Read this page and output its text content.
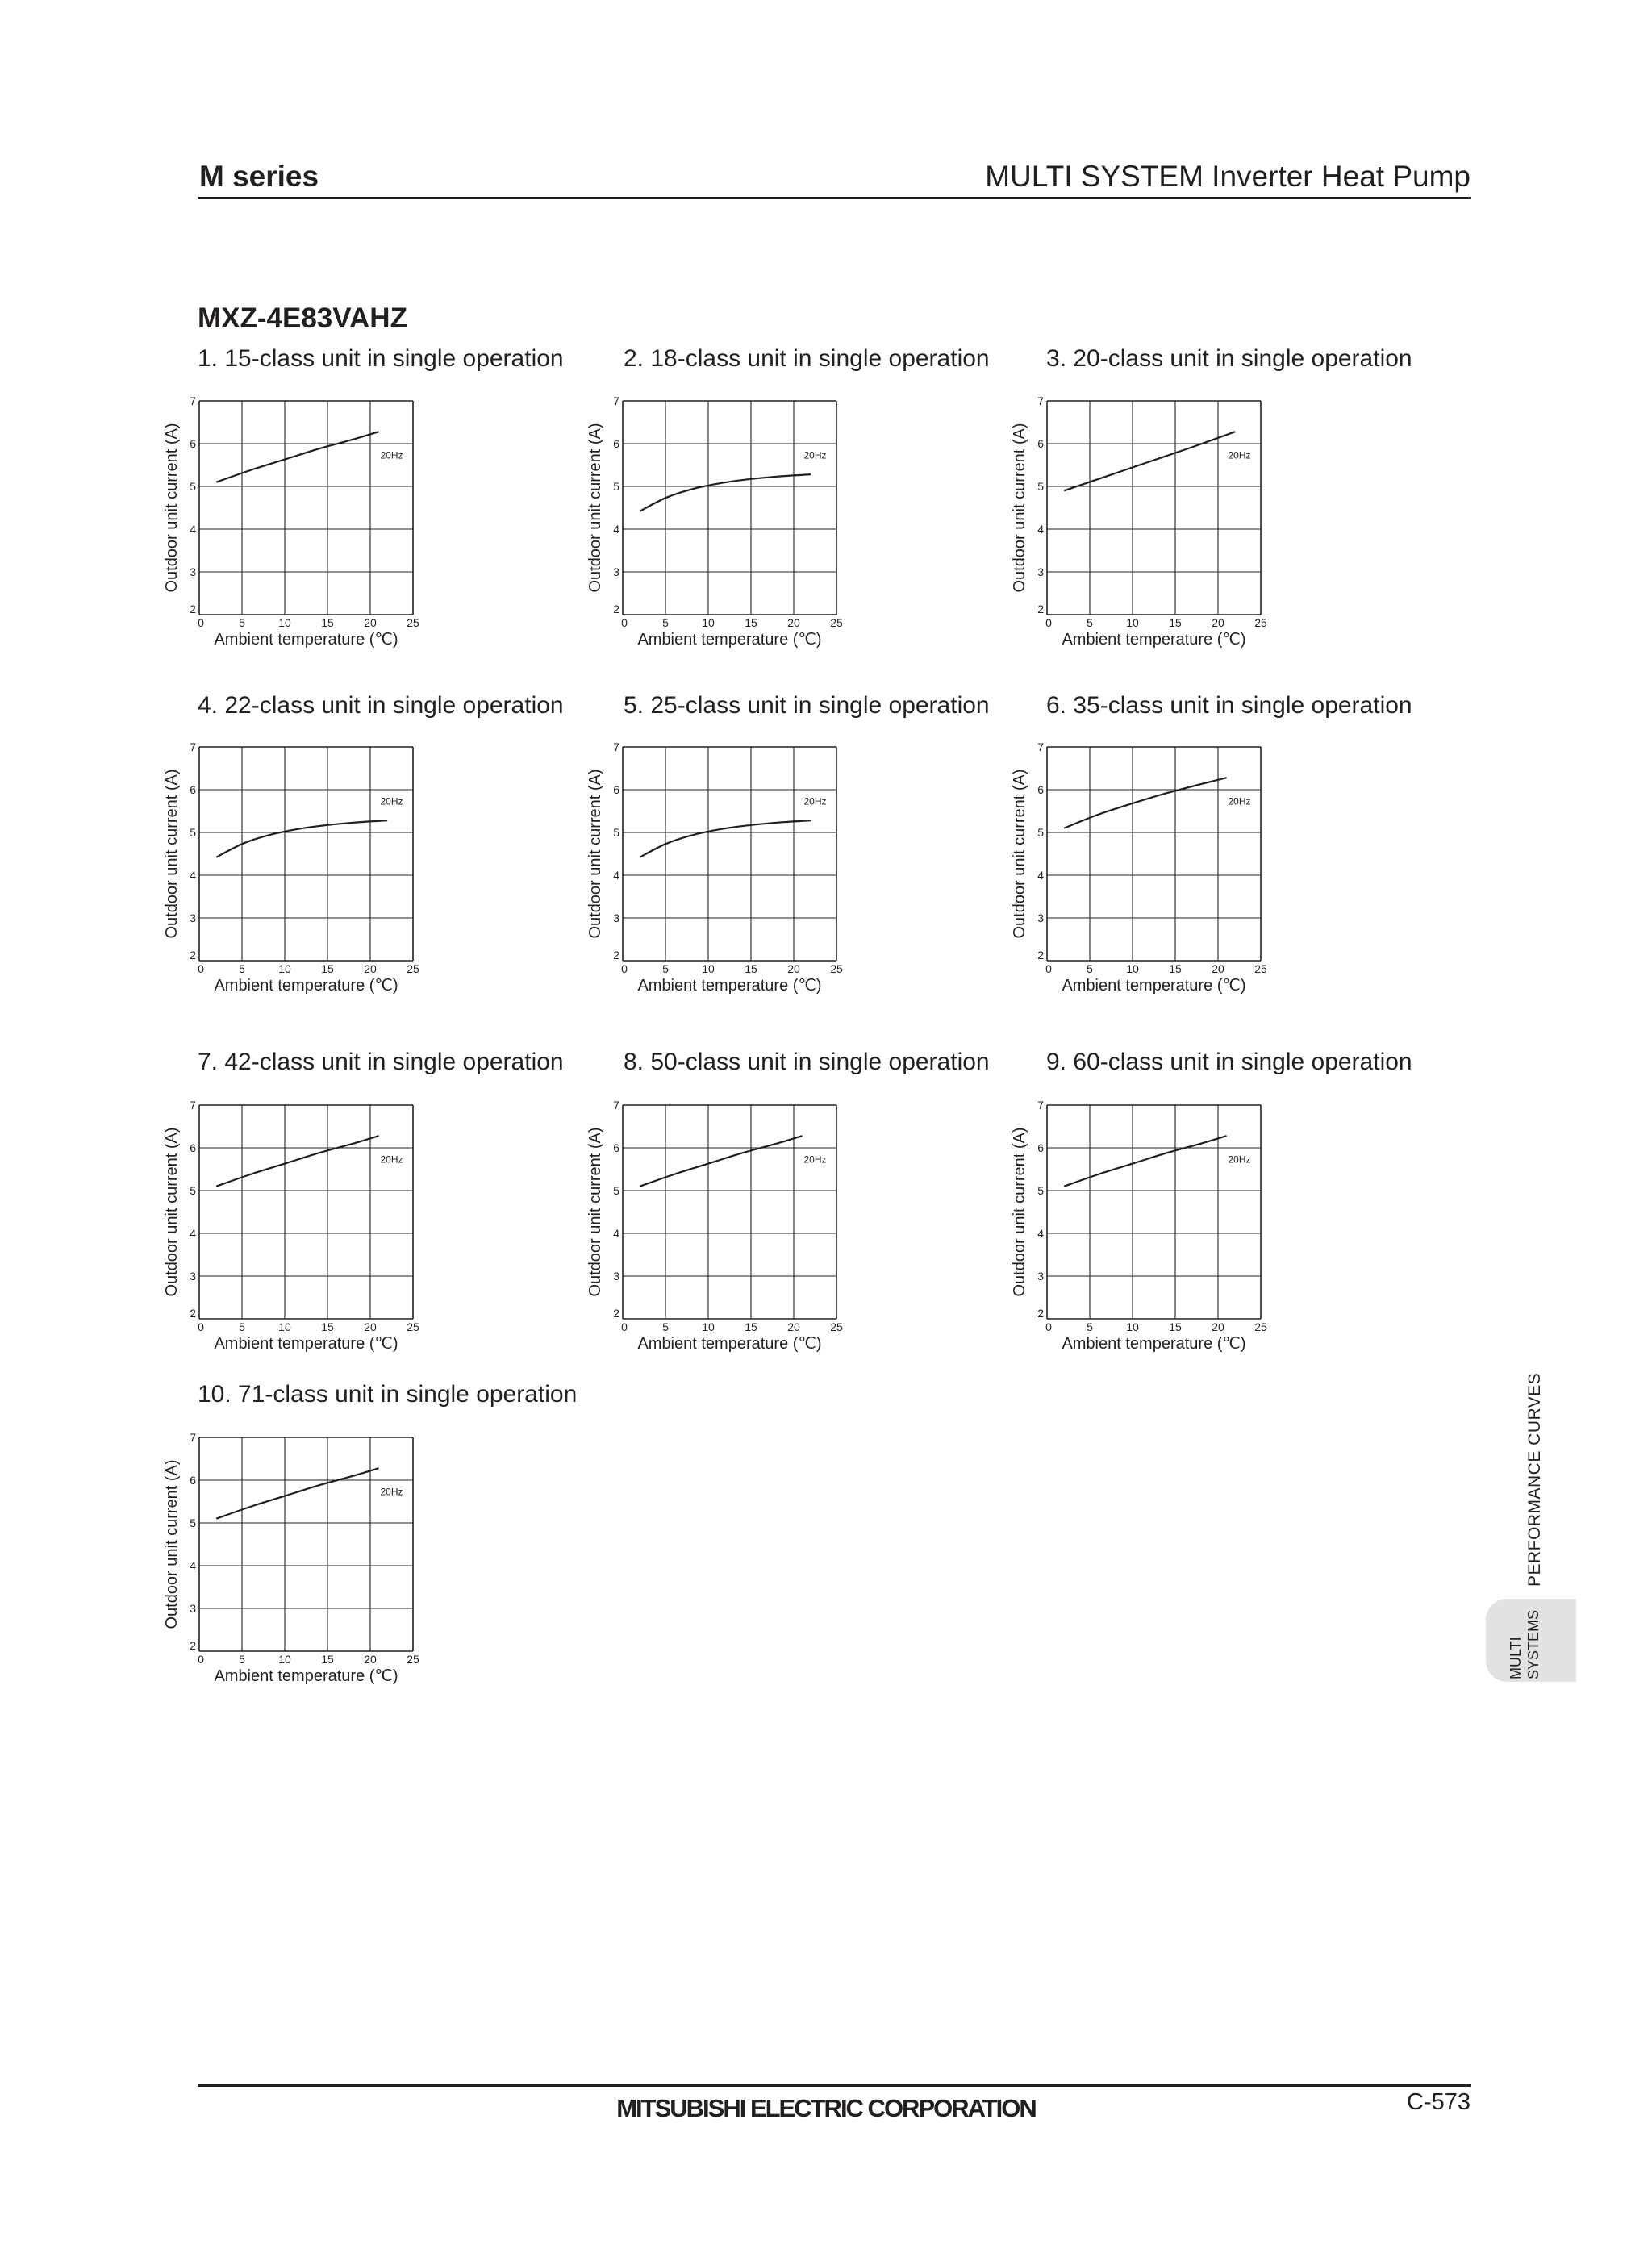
M series	MULTI SYSTEM Inverter Heat Pump
MXZ-4E83VAHZ
1. 15-class unit in single operation
2
3
4
5
6
7
0	5	10	15	20	25
Ambient temperature (℃)
Outdoor unit current (A)	20Hz
2. 18-class unit in single operation
2
3
4
5
6
7
0	5	10	15	20	25
Ambient temperature (℃)
Outdoor unit current (A)	20Hz
3. 20-class unit in single operation
2
3
4
5
6
7
0	5	10	15	20	25
Ambient temperature (℃)
Outdoor unit current (A)	20Hz
4. 22-class unit in single operation
2
3
4
5
6
7
0	5	10	15	20	25
Ambient temperature (℃)
Outdoor unit current (A)	20Hz
5. 25-class unit in single operation
2
3
4
5
6
7
0	5	10	15	20	25
Ambient temperature (℃)
Outdoor unit current (A)	20Hz
6. 35-class unit in single operation
2
3
4
5
6
7
0	5	10	15	20	25
Ambient temperature (℃)
Outdoor unit current (A)	20Hz
7. 42-class unit in single operation
2
3
4
5
6
7
0	5	10	15	20	25
Ambient temperature (℃)
Outdoor unit current (A)	20Hz
8. 50-class unit in single operation
2
3
4
5
6
7
0	5	10	15	20	25
Ambient temperature (℃)
Outdoor unit current (A)	20Hz
9. 60-class unit in single operation
2
3
4
5
6
7
0	5	10	15	20	25
Ambient temperature (℃)
Outdoor unit current (A)	20Hz
10. 71-class unit in single operation
2
3
4
5
6
7
0	5	10	15	20	25
Ambient temperature (℃)
Outdoor unit current (A)	20Hz
MULTI SYSTEMS
PERFORMANCE CURVES
MITSUBISHI ELECTRIC CORPORATION	C-573
